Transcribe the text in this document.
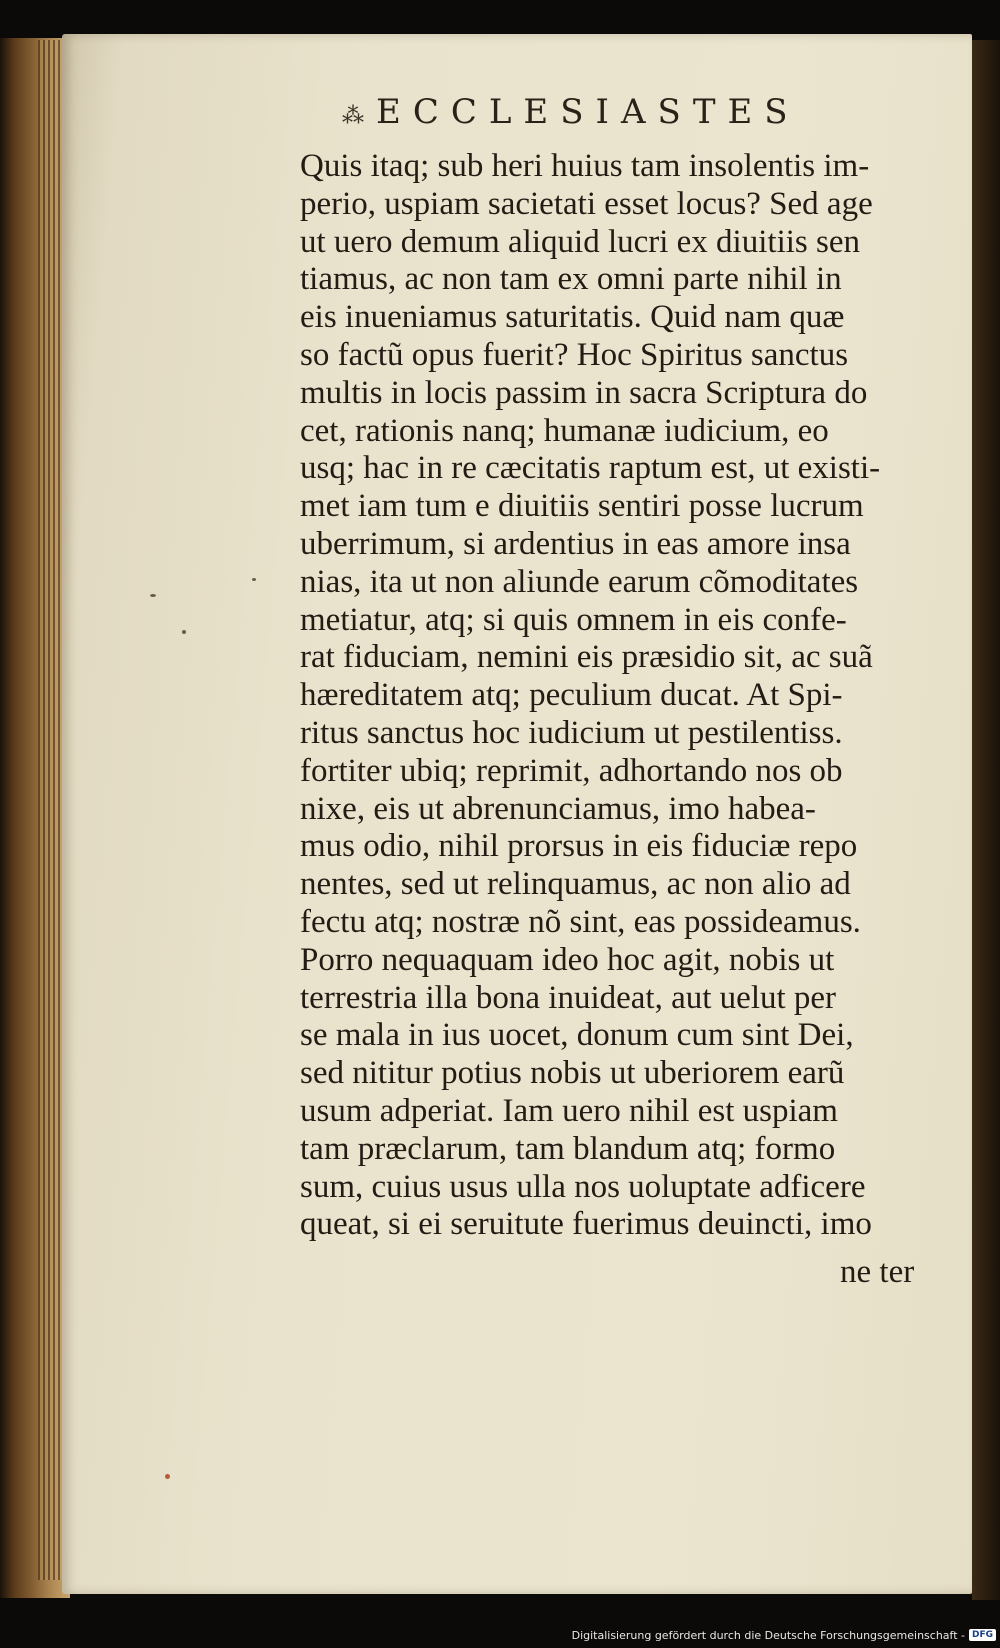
⁂ ECCLESIASTES
Quis itaq; sub heri huius tam insolentis im-
perio, uspiam sacietati esset locus? Sed age
ut uero demum aliquid lucri ex diuitiis sen
tiamus, ac non tam ex omni parte nihil in
eis inueniamus saturitatis. Quid nam quæ
so factũ opus fuerit? Hoc Spiritus sanctus
multis in locis passim in sacra Scriptura do
cet, rationis nanq; humanæ iudicium, eo
usq; hac in re cæcitatis raptum est, ut existi-
met iam tum e diuitiis sentiri posse lucrum
uberrimum, si ardentius in eas amore insa
nias, ita ut non aliunde earum cõmoditates
metiatur, atq; si quis omnem in eis confe-
rat fiduciam, nemini eis præsidio sit, ac suã
hæreditatem atq; peculium ducat. At Spi-
ritus sanctus hoc iudicium ut pestilentiss.
fortiter ubiq; reprimit, adhortando nos ob
nixe, eis ut abrenunciamus, imo habea-
mus odio, nihil prorsus in eis fiduciæ repo
nentes, sed ut relinquamus, ac non alio ad
fectu atq; nostræ nõ sint, eas possideamus.
Porro nequaquam ideo hoc agit, nobis ut
terrestria illa bona inuideat, aut uelut per
se mala in ius uocet, donum cum sint Dei,
sed nititur potius nobis ut uberiorem earũ
usum adperiat. Iam uero nihil est uspiam
tam præclarum, tam blandum atq; formo
sum, cuius usus ulla nos uoluptate adficere
queat, si ei seruitute fuerimus deuincti, imo
ne ter
Digitalisierung gefördert durch die Deutsche Forschungsgemeinschaft - DFG
